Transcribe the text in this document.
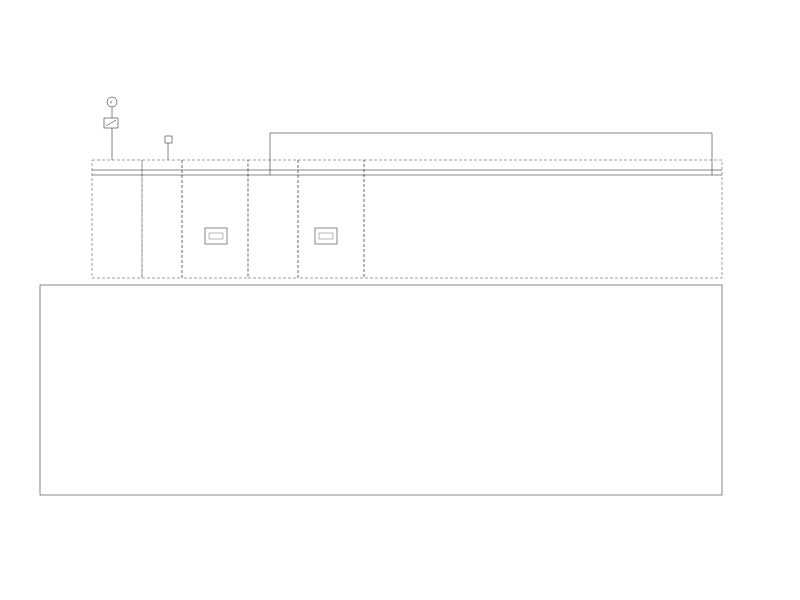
V
